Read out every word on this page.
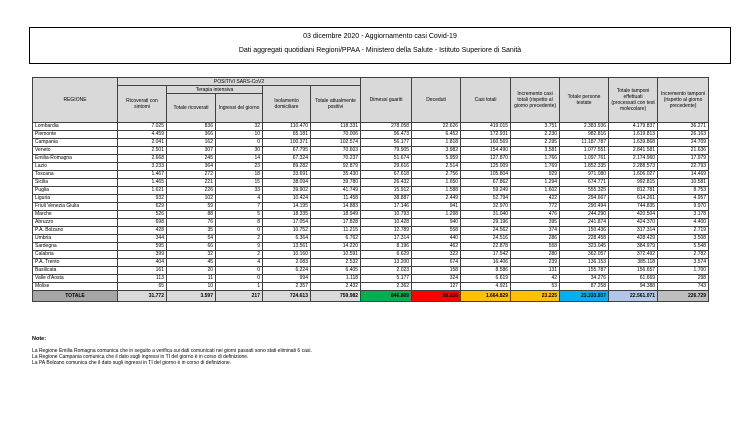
03 dicembre 2020 - Aggiornamento casi Covid-19
Dati aggregati quotidiani Regioni/PPAA - Ministero della Salute - Istituto Superiore di Sanità
REGIONE	POSITIVI SARS-CoV2					Dimessi guariti	Deceduti	Casi totali	Incremento casi totali (rispetto al giorno precedente)	Totale persone testate	Totale tamponi effettuati (processati con test molecolare)	Incremento tamponi (rispetto al giorno precedente)
	Ricoverati con sintomi	Terapia intensiva		Isolamento domiciliare	Totale attualmente positivi							
		Totale ricoverati	Ingressi del giorno									
Lombardia	7.025	836	32	110.470	118.331	278.058	22.626	419.015	3.751	2.383.936	4.179.837	36.271
Piemonte	4.459	366	10	65.181	70.006	96.473	6.452	172.931	2.230	982.816	1.619.813	26.163
Campania	2.041	162	0	100.371	102.574	56.177	1.818	160.569	2.295	11.187.787	1.639.868	24.709
Veneto	2.501	307	30	67.795	70.603	79.905	3.982	154.490	3.581	1.077.551	2.841.581	21.636
Emilia-Romagna	2.668	245	14	67.324	70.237	51.674	5.959	127.870	1.766	1.097.761	2.174.960	17.979
Lazio	3.233	364	23	89.282	92.879	29.616	2.514	125.009	1.769	1.852.335	2.288.573	22.793
Toscana	1.467	272	18	33.691	35.430	67.618	2.756	105.804	929	971.080	1.606.027	14.469
Sicilia	1.465	221	15	38.094	39.780	26.432	1.650	67.862	1.294	674.771	992.815	10.581
Puglia	1.621	226	33	39.902	41.749	15.912	1.588	59.249	1.602	555.325	812.781	8.753
Liguria	932	102	4	10.424	11.458	38.887	2.449	52.794	422	294.667	614.261	4.957
Friuli Venezia Giulia	629	59	7	14.195	14.883	17.146	941	32.970	772	290.494	744.835	9.970
Marche	526	88	5	18.335	18.949	10.793	1.298	31.040	476	244.290	420.504	3.178
Abruzzo	698	76	8	17.054	17.828	10.428	940	29.196	395	241.874	424.370	4.400
P.A. Bolzano	428	35	0	10.752	11.215	12.789	558	24.562	374	150.436	317.314	2.719
Umbria	344	54	2	6.364	6.762	17.314	440	24.516	286	228.458	428.429	3.508
Sardegna	595	66	9	13.561	14.220	8.196	462	22.878	558	323.045	384.979	5.548
Calabria	399	32	2	10.160	10.591	6.629	322	17.542	280	362.057	372.492	2.782
P.A. Trento	404	45	4	2.083	2.532	13.200	674	16.406	239	136.153	385.118	3.574
Basilicata	161	20	0	6.224	6.405	2.023	158	8.586	131	155.787	156.657	1.700
Valle d'Aosta	113	11	0	994	1.118	5.177	324	6.619	42	34.276	61.669	298
Molise	65	10	1	2.357	2.432	2.362	127	4.921	53	87.258	94.388	743
TOTALE	31.772	3.597	217	724.613	759.982	846.809	58.038	1.664.829	23.225	23.333.937	22.561.071	226.729
Note:
La Regione Emilia Romagna comunica che in seguito a verifica sui dati comunicati nei giorni passati sono stati eliminati 6 casi.
La Regione Campania comunica che il dato sugli ingressi in TI del giorno è in corso di definizione.
La PA Bolzano comunica che il dato sugli ingressi in TI del giorno è in corso di definizione.
